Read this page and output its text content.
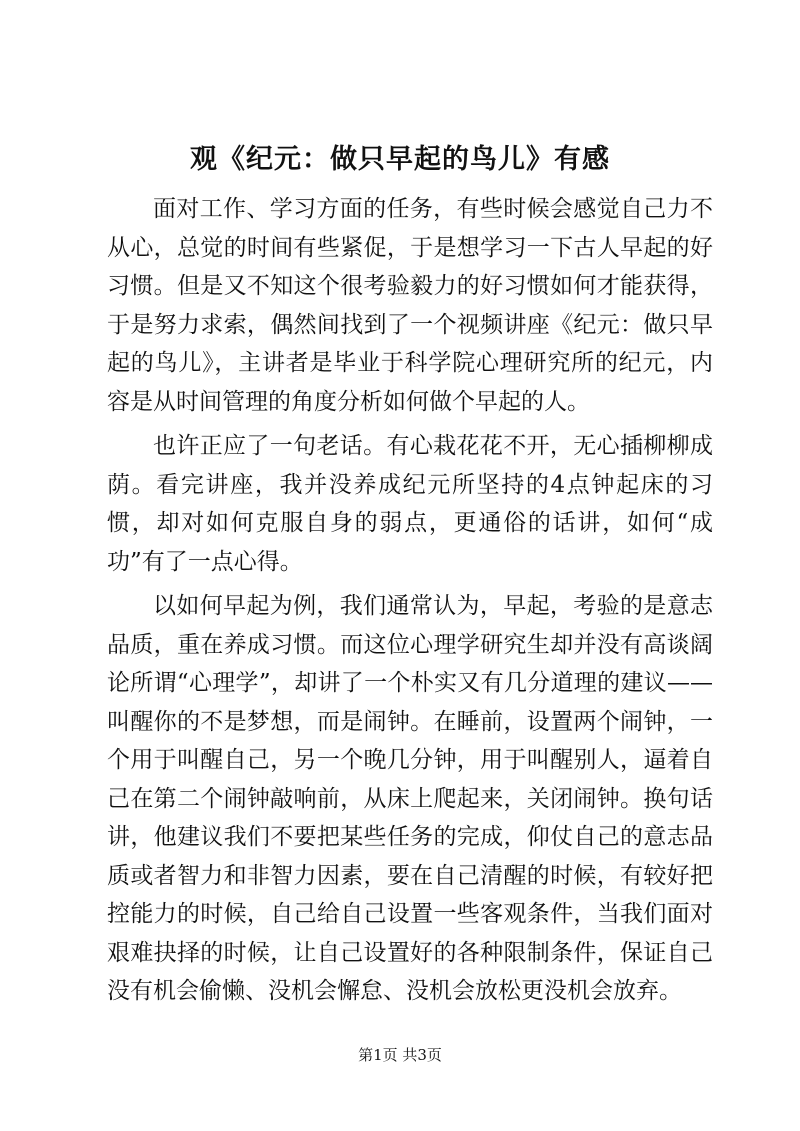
观《纪元：做只早起的鸟儿》有感

面对工作、学习方面的任务，有些时候会感觉自己力不从心，总觉的时间有些紧促，于是想学习一下古人早起的好习惯。但是又不知这个很考验毅力的好习惯如何才能获得，于是努力求索，偶然间找到了一个视频讲座《纪元：做只早起的鸟儿》，主讲者是毕业于科学院心理研究所的纪元，内容是从时间管理的角度分析如何做个早起的人。

也许正应了一句老话。有心栽花花不开，无心插柳柳成荫。看完讲座，我并没养成纪元所坚持的4点钟起床的习惯，却对如何克服自身的弱点，更通俗的话讲，如何“成功”有了一点心得。

以如何早起为例，我们通常认为，早起，考验的是意志品质，重在养成习惯。而这位心理学研究生却并没有高谈阔论所谓“心理学”，却讲了一个朴实又有几分道理的建议——叫醒你的不是梦想，而是闹钟。在睡前，设置两个闹钟，一个用于叫醒自己，另一个晚几分钟，用于叫醒别人，逼着自己在第二个闹钟敲响前，从床上爬起来，关闭闹钟。换句话讲，他建议我们不要把某些任务的完成，仰仗自己的意志品质或者智力和非智力因素，要在自己清醒的时候，有较好把控能力的时候，自己给自己设置一些客观条件，当我们面对艰难抉择的时候，让自己设置好的各种限制条件，保证自己没有机会偷懒、没机会懈怠、没机会放松更没机会放弃。

第1页 共3页
